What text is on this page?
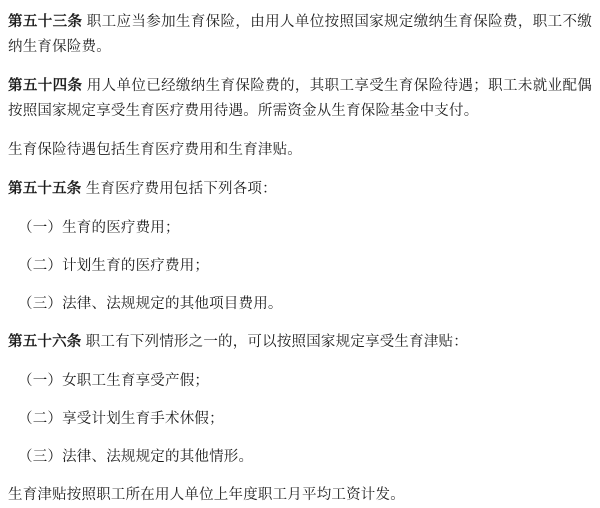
第五十三条 职工应当参加生育保险，由用人单位按照国家规定缴纳生育保险费，职工不缴纳生育保险费。

第五十四条 用人单位已经缴纳生育保险费的，其职工享受生育保险待遇；职工未就业配偶按照国家规定享受生育医疗费用待遇。所需资金从生育保险基金中支付。

生育保险待遇包括生育医疗费用和生育津贴。

第五十五条 生育医疗费用包括下列各项：

（一）生育的医疗费用；

（二）计划生育的医疗费用；

（三）法律、法规规定的其他项目费用。

第五十六条 职工有下列情形之一的，可以按照国家规定享受生育津贴：

（一）女职工生育享受产假；

（二）享受计划生育手术休假；

（三）法律、法规规定的其他情形。

生育津贴按照职工所在用人单位上年度职工月平均工资计发。
